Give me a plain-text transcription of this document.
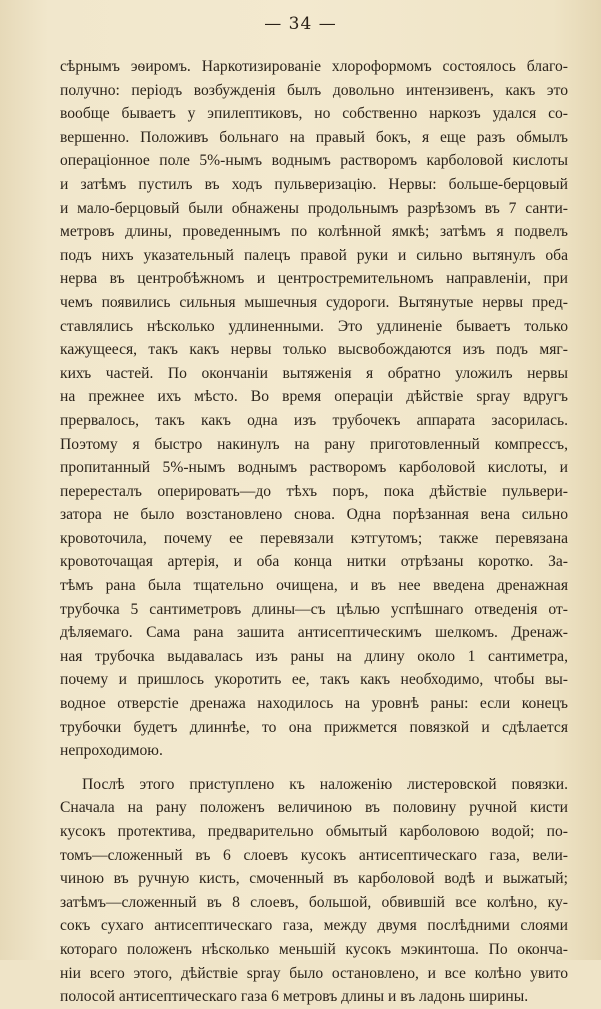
— 34 —
сѣрнымъ эѳиромъ. Наркотизированіе хлороформомъ состоялось благо-
получно: періодъ возбужденія былъ довольно интензивенъ, какъ это
вообще бываетъ у эпилептиковъ, но собственно наркозъ удался со-
вершенно. Положивъ больнаго на правый бокъ, я еще разъ обмылъ
операціонное поле 5%-нымъ воднымъ растворомъ карболовой кислоты
и затѣмъ пустилъ въ ходъ пульверизацію. Нервы: больше-берцовый
и мало-берцовый были обнажены продольнымъ разрѣзомъ въ 7 санти-
метровъ длины, проведеннымъ по колѣнной ямкѣ; затѣмъ я подвелъ
подъ нихъ указательный палецъ правой руки и сильно вытянулъ оба
нерва въ центробѣжномъ и центростремительномъ направленіи, при
чемъ появились сильныя мышечныя судороги. Вытянутые нервы пред-
ставлялись нѣсколько удлиненными. Это удлиненіе бываетъ только
кажущееся, такъ какъ нервы только высвобождаются изъ подъ мяг-
кихъ частей. По окончаніи вытяженія я обратно уложилъ нервы
на прежнее ихъ мѣсто. Во время операціи дѣйствіе spray вдругъ
прервалось, такъ какъ одна изъ трубочекъ аппарата засорилась.
Поэтому я быстро накинулъ на рану приготовленный компрессъ,
пропитанный 5%-нымъ воднымъ растворомъ карболовой кислоты, и
перересталъ оперировать—до тѣхъ поръ, пока дѣйствіе пульвери-
затора не было возстановлено снова. Одна порѣзанная вена сильно
кровоточила, почему ее перевязали кэтгутомъ; также перевязана
кровоточащая артерія, и оба конца нитки отрѣзаны коротко. За-
тѣмъ рана была тщательно очищена, и въ нее введена дренажная
трубочка 5 сантиметровъ длины—съ цѣлью успѣшнаго отведенія от-
дѣляемаго. Сама рана зашита антисептическимъ шелкомъ. Дренаж-
ная трубочка выдавалась изъ раны на длину около 1 сантиметра,
почему и пришлось укоротить ее, такъ какъ необходимо, чтобы вы-
водное отверстіе дренажа находилось на уровнѣ раны: если конецъ
трубочки будетъ длиннѣе, то она прижмется повязкой и сдѣлается
непроходимою.
Послѣ этого приступлено къ наложенію листеровской повязки.
Сначала на рану положенъ величиною въ половину ручной кисти
кусокъ протектива, предварительно обмытый карболовою водой; по-
томъ—сложенный въ 6 слоевъ кусокъ антисептическаго газа, вели-
чиною въ ручную кисть, смоченный въ карболовой водѣ и выжатый;
затѣмъ—сложенный въ 8 слоевъ, большой, обвившій все колѣно, ку-
сокъ сухаго антисептическаго газа, между двумя послѣдними слоями
котораго положенъ нѣсколько меньшій кусокъ мэкинтоша. По оконча-
ніи всего этого, дѣйствіе spray было остановлено, и все колѣно увито
полосой антисептическаго газа 6 метровъ длины и въ ладонь ширины.
